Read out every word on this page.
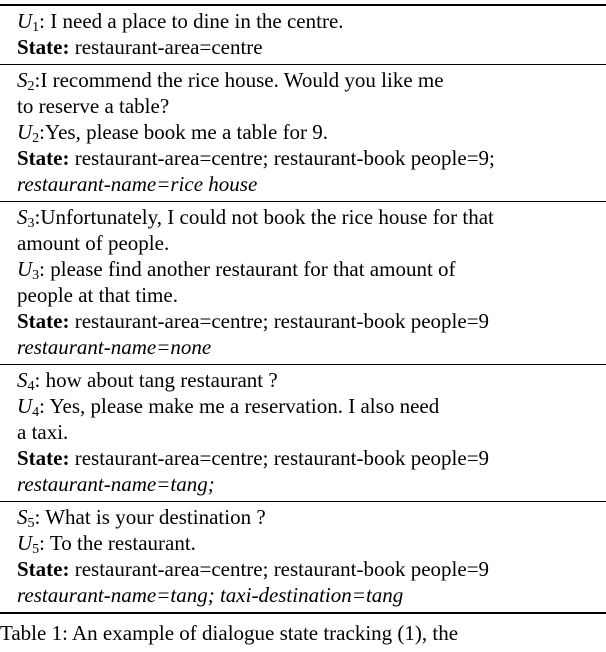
$U_1$: I need a place to dine in the centre.
State: restaurant-area=centre
$S_2:I$ recommend the rice house. Would you like me
to reserve a table?
$U_2:Yes$, please book me a table for 9.
State: restaurant-area=centre; restaurant-book people=9;
restaurant-name=rice house
$S_3:Unfortunately$, I could not book the rice house for that
amount of people.
$U_3$: please find another restaurant for that amount of
people at that time.
State: restaurant-area=centre; restaurant-book people=9
restaurant-name=none
$S_4$: how about tang restaurant ?
$U_4$: Yes, please make me a reservation. I also need
a taxi.
State: restaurant-area=centre; restaurant-book people=9
restaurant-name=tang;
$S_5$: What is your destination ?
$U_5$: To the restaurant.
State: restaurant-area=centre; restaurant-book people=9
restaurant-name=tang; taxi-destination=tang
Table 1: An example of dialogue state tracking (1), the
